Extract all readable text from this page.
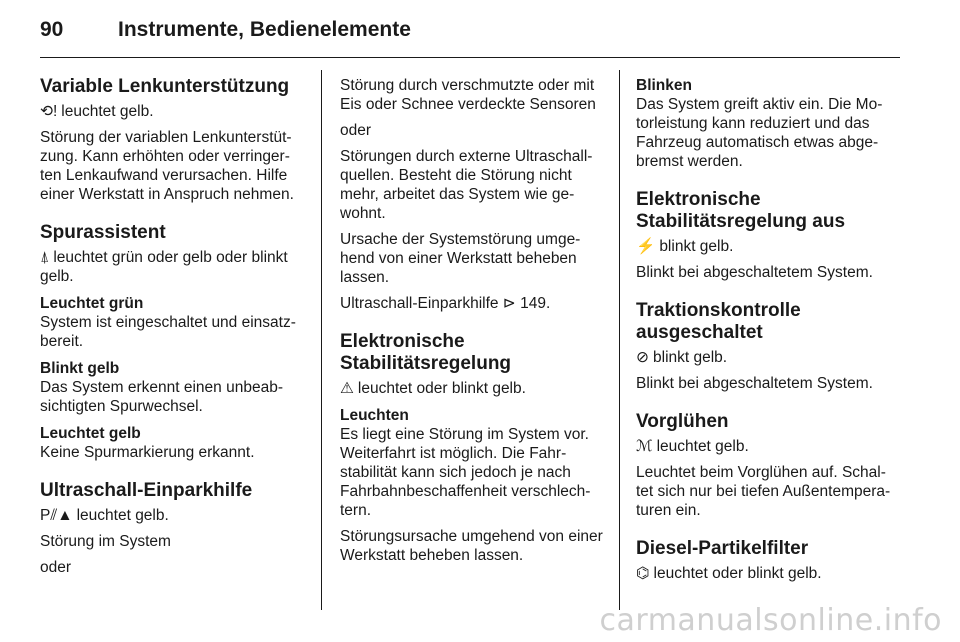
90	Instrumente, Bedienelemente
Variable Lenkunterstützung

⟲! leuchtet gelb.

Störung der variablen Lenkunterstüt-zung. Kann erhöhten oder verringer-ten Lenkaufwand verursachen. Hilfe einer Werkstatt in Anspruch nehmen.

Spurassistent

⍋ leuchtet grün oder gelb oder blinkt gelb.

Leuchtet grün

System ist eingeschaltet und einsatz-bereit.

Blinkt gelb

Das System erkennt einen unbeab-sichtigten Spurwechsel.

Leuchtet gelb

Keine Spurmarkierung erkannt.

Ultraschall-Einparkhilfe

P⫽▲ leuchtet gelb.

Störung im System

oder

Störung durch verschmutzte oder mit Eis oder Schnee verdeckte Sensoren

oder

Störungen durch externe Ultraschall-quellen. Besteht die Störung nicht mehr, arbeitet das System wie ge-wohnt.

Ursache der Systemstörung umge-hend von einer Werkstatt beheben lassen.

Ultraschall-Einparkhilfe ⊳ 149.

Elektronische
Stabilitätsregelung

⚠ leuchtet oder blinkt gelb.

Leuchten

Es liegt eine Störung im System vor. Weiterfahrt ist möglich. Die Fahr-stabilität kann sich jedoch je nach Fahrbahnbeschaffenheit verschlech-tern.

Störungsursache umgehend von einer Werkstatt beheben lassen.

Blinken

Das System greift aktiv ein. Die Mo-torleistung kann reduziert und das Fahrzeug automatisch etwas abge-bremst werden.

Elektronische
Stabilitätsregelung aus

⚡ blinkt gelb.

Blinkt bei abgeschaltetem System.

Traktionskontrolle
ausgeschaltet

⊘ blinkt gelb.

Blinkt bei abgeschaltetem System.

Vorglühen

ℳ leuchtet gelb.

Leuchtet beim Vorglühen auf. Schal-tet sich nur bei tiefen Außentempera-turen ein.

Diesel-Partikelfilter

⌬ leuchtet oder blinkt gelb.

carmanualsonline.info
